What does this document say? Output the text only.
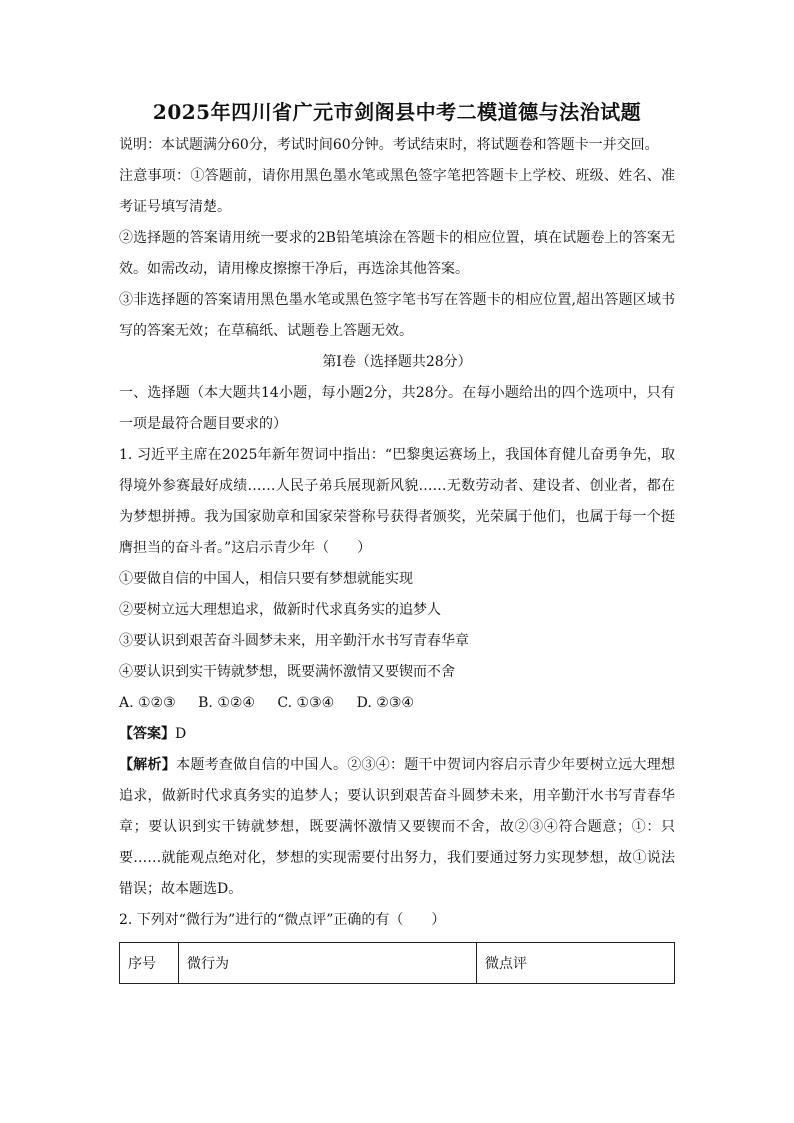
2025年四川省广元市剑阁县中考二模道德与法治试题

说明：本试题满分60分，考试时间60分钟。考试结束时，将试题卷和答题卡一并交回。

注意事项：①答题前，请你用黑色墨水笔或黑色签字笔把答题卡上学校、班级、姓名、准考证号填写清楚。

②选择题的答案请用统一要求的2B铅笔填涂在答题卡的相应位置，填在试题卷上的答案无效。如需改动，请用橡皮擦擦干净后，再选涂其他答案。

③非选择题的答案请用黑色墨水笔或黑色签字笔书写在答题卡的相应位置,超出答题区域书写的答案无效；在草稿纸、试题卷上答题无效。

第Ⅰ卷（选择题共28分）

一、选择题（本大题共14小题，每小题2分，共28分。在每小题给出的四个选项中，只有一项是最符合题目要求的）

1. 习近平主席在2025年新年贺词中指出：“巴黎奥运赛场上，我国体育健儿奋勇争先，取得境外参赛最好成绩……人民子弟兵展现新风貌……无数劳动者、建设者、创业者，都在为梦想拼搏。我为国家勋章和国家荣誉称号获得者颁奖，光荣属于他们，也属于每一个挺膺担当的奋斗者。”这启示青少年（　　）

①要做自信的中国人，相信只要有梦想就能实现

②要树立远大理想追求，做新时代求真务实的追梦人

③要认识到艰苦奋斗圆梦未来，用辛勤汗水书写青春华章

④要认识到实干铸就梦想，既要满怀激情又要锲而不舍

A. ①②③ B. ①②④ C. ①③④ D. ②③④

【答案】D

【解析】本题考查做自信的中国人。②③④：题干中贺词内容启示青少年要树立远大理想追求，做新时代求真务实的追梦人；要认识到艰苦奋斗圆梦未来，用辛勤汗水书写青春华章；要认识到实干铸就梦想，既要满怀激情又要锲而不舍，故②③④符合题意；①：只要……就能观点绝对化，梦想的实现需要付出努力，我们要通过努力实现梦想，故①说法错误；故本题选D。

2. 下列对“微行为”进行的“微点评”正确的有（　　）

序号	微行为	微点评
